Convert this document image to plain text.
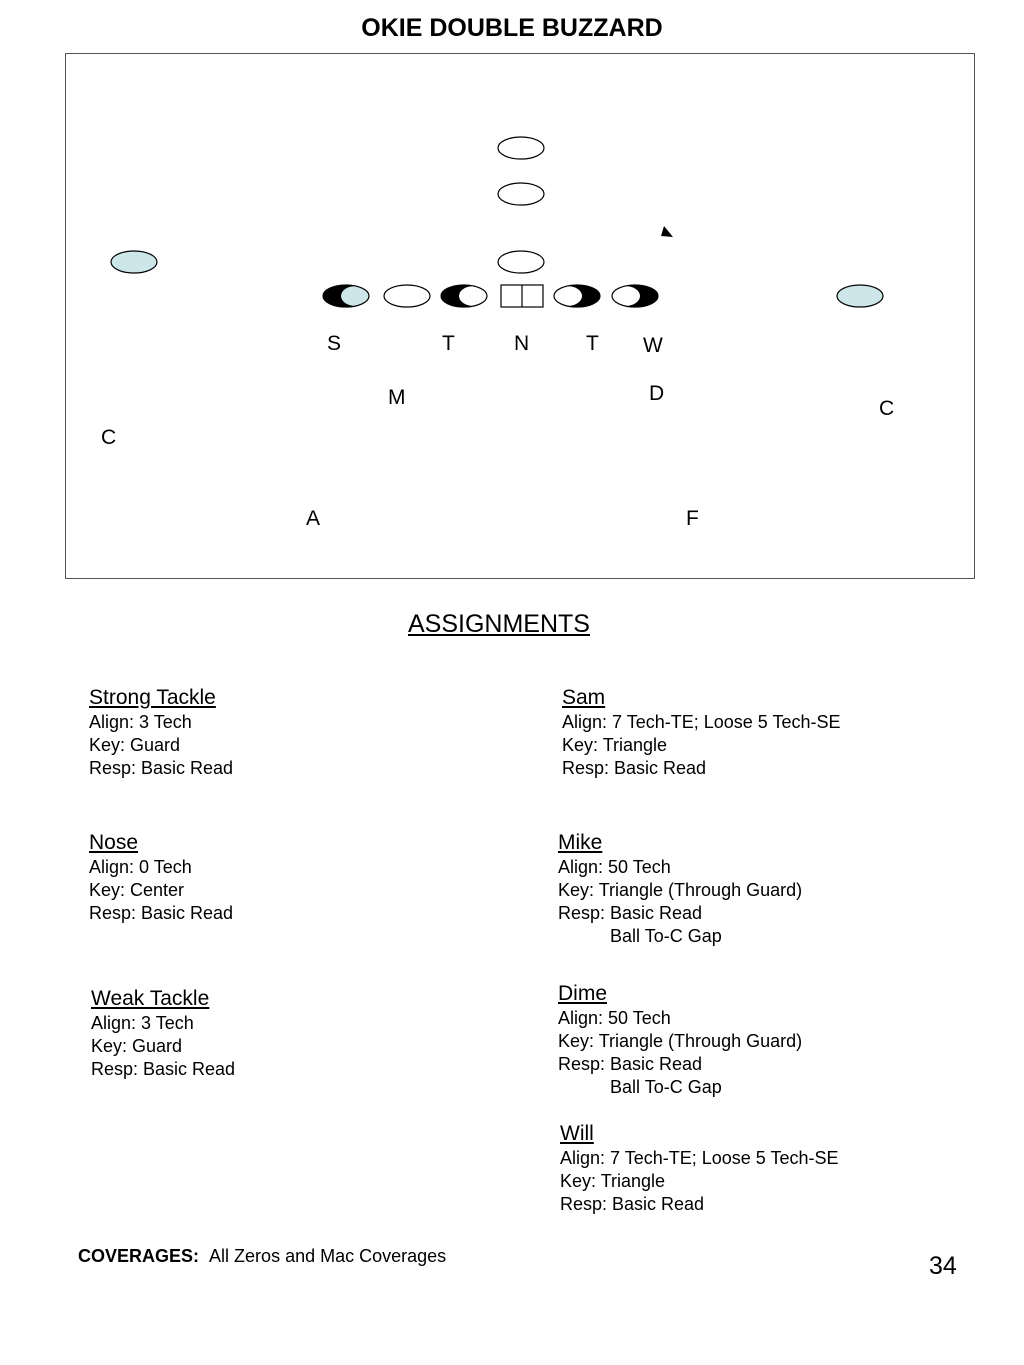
OKIE DOUBLE BUZZARD
S	T	N	T W
M	D
C
C
A	F
ASSIGNMENTS
Strong Tackle
Align: 3 Tech
Key: Guard
Resp: Basic Read
Sam
Align: 7 Tech-TE; Loose 5 Tech-SE
Key: Triangle
Resp: Basic Read
Nose
Align: 0 Tech
Key: Center
Resp: Basic Read
Mike
Align: 50 Tech
Key: Triangle (Through Guard)
Resp: Basic Read
Ball To-C Gap
Weak Tackle
Align: 3 Tech
Key: Guard
Resp: Basic Read
Dime
Align: 50 Tech
Key: Triangle (Through Guard)
Resp: Basic Read
Ball To-C Gap
Will
Align: 7 Tech-TE; Loose 5 Tech-SE
Key: Triangle
Resp: Basic Read
COVERAGES: All Zeros and Mac Coverages	34
